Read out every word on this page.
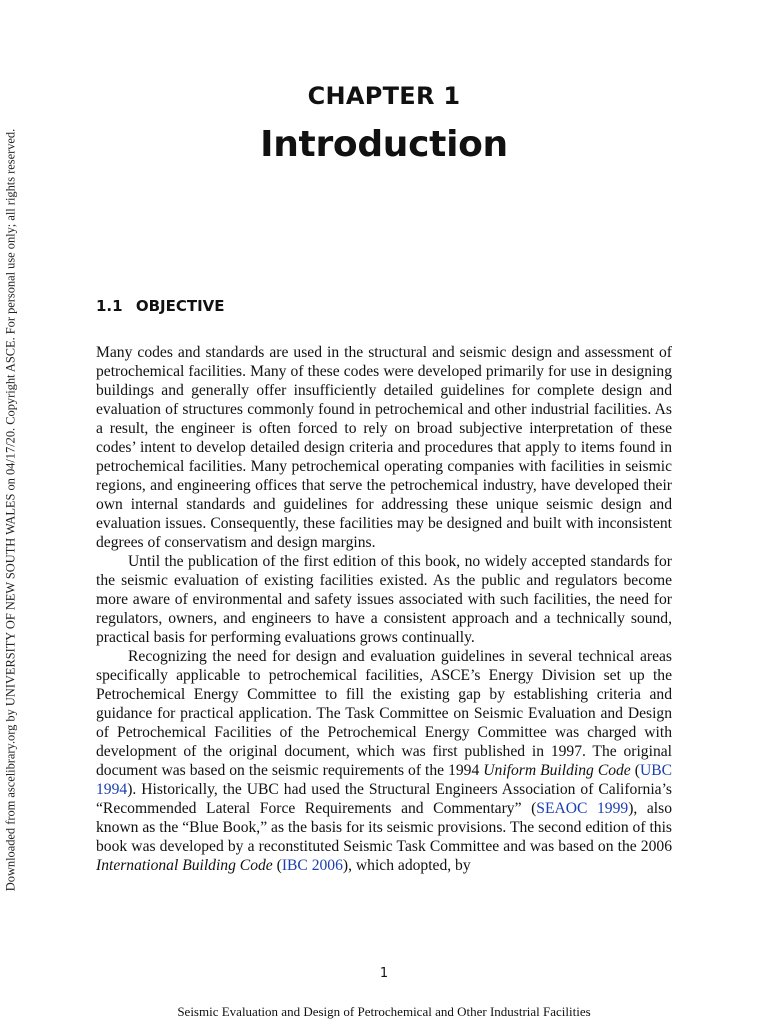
Downloaded from ascelibrary.org by UNIVERSITY OF NEW SOUTH WALES on 04/17/20. Copyright ASCE. For personal use only; all rights reserved.
CHAPTER 1
Introduction
1.1 OBJECTIVE

Many codes and standards are used in the structural and seismic design and assessment of petrochemical facilities. Many of these codes were developed primarily for use in designing buildings and generally offer insufficiently detailed guidelines for complete design and evaluation of structures commonly found in petrochemical and other industrial facilities. As a result, the engineer is often forced to rely on broad subjective interpretation of these codes’ intent to develop detailed design criteria and procedures that apply to items found in petrochemical facilities. Many petrochemical operating companies with facilities in seismic regions, and engineering offices that serve the petrochemical industry, have developed their own internal standards and guidelines for addressing these unique seismic design and evaluation issues. Consequently, these facilities may be designed and built with inconsistent degrees of conservatism and design margins.

Until the publication of the first edition of this book, no widely accepted standards for the seismic evaluation of existing facilities existed. As the public and regulators become more aware of environmental and safety issues associated with such facilities, the need for regulators, owners, and engineers to have a consistent approach and a technically sound, practical basis for performing evaluations grows continually.

Recognizing the need for design and evaluation guidelines in several technical areas specifically applicable to petrochemical facilities, ASCE’s Energy Division set up the Petrochemical Energy Committee to fill the existing gap by establishing criteria and guidance for practical application. The Task Committee on Seismic Evaluation and Design of Petrochemical Facilities of the Petrochemical Energy Committee was charged with development of the original document, which was first published in 1997. The original document was based on the seismic requirements of the 1994 Uniform Building Code (UBC 1994). Historically, the UBC had used the Structural Engineers Association of California’s “Recommended Lateral Force Requirements and Commentary” (SEAOC 1999), also known as the “Blue Book,” as the basis for its seismic provisions. The second edition of this book was developed by a reconstituted Seismic Task Committee and was based on the 2006 International Building Code (IBC 2006), which adopted, by

1
Seismic Evaluation and Design of Petrochemical and Other Industrial Facilities
